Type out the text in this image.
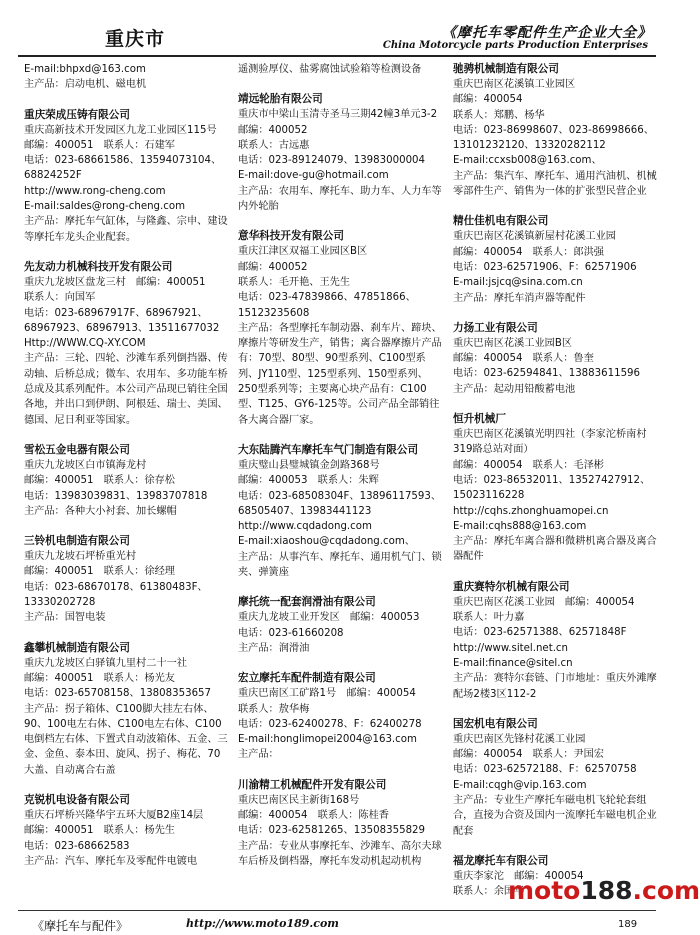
重庆市	《摩托车零配件生产企业大全》
China Motorcycle parts Production Enterprises
E-mail:bhpxd@163.com
主产品：启动电机、磁电机
重庆荣成压铸有限公司
重庆高新技术开发园区九龙工业园区115号
邮编：400051　联系人：石建军
电话：023-68661586、13594073104、68824252F
http://www.rong-cheng.com
E-mail:saldes@rong-cheng.com
主产品：摩托车气缸体，与隆鑫、宗申、建设等摩托车龙头企业配套。
先友动力机械科技开发有限公司
重庆九龙坡区盘龙三村　邮编：400051
联系人：向国军
电话：023-68967917F、68967921、68967923、68967913、13511677032
Http://WWW.CQ-XY.COM
主产品：三轮、四轮、沙滩车系列倒挡器、传动轴、后桥总成；微车、农用车、多功能车桥总成及其系列配件。本公司产品现已销往全国各地，并出口到伊朗、阿根廷、瑞士、美国、德国、尼日利亚等国家。
雪松五金电器有限公司
重庆九龙坡区白市镇海龙村
邮编：400051　联系人：徐存松
电话：13983039831、13983707818
主产品：各种大小衬套、加长螺帽
三铃机电制造有限公司
重庆九龙坡石坪桥重光村
邮编：400051　联系人：徐经理
电话：023-68670178、61380483F、13330202728
主产品：国智电装
鑫攀机械制造有限公司
重庆九龙坡区白驿镇九里村二十一社
邮编：400051　联系人：杨光友
电话：023-65708158、13808353657
主产品：拐子箱体、C100脚大挂左右体、90、100电左右体、C100电左右体、C100电倒档左右体、下置式自动波箱体、五金、三金、金鱼、泰本田、旋风、拐子、梅花、70大盖、自动离合右盖
克锐机电设备有限公司
重庆石坪桥兴隆华宇五环大厦B2座14层
邮编：400051　联系人：杨先生
电话：023-68662583
主产品：汽车、摩托车及零配件电镀电
遥测验厚仪、盐雾腐蚀试验箱等检测设备
靖远轮胎有限公司
重庆市中梁山玉清寺圣马三期42幢3单元3-2　邮编：400052
联系人：古远惠
电话：023-89124079、13983000004
E-mail:dove-gu@hotmail.com
主产品：农用车、摩托车、助力车、人力车等内外轮胎
意华科技开发有限公司
重庆江津区双福工业园区B区
邮编：400052
联系人：毛开艳、王先生
电话：023-47839866、47851866、15123235608
主产品：各型摩托车制动器、刹车片、蹄块、摩擦片等研发生产，销售；离合器摩擦片产品有：70型、80型、90型系列、C100型系列、JY110型、125型系列、150型系列、250型系列等；主要离心块产品有：C100型、T125、GY6-125等。公司产品全部销往各大离合器厂家。
大东陆腾汽车摩托车气门制造有限公司
重庆璧山县璧城镇金剑路368号
邮编：400053　联系人：朱辉
电话：023-68508304F、13896117593、68505407、13983441123
http://www.cqdadong.com
E-mail:xiaoshou@cqdadong.com、
主产品：从事汽车、摩托车、通用机气门、锁夹、弹簧座
摩托统一配套润滑油有限公司
重庆九龙坡工业开发区　邮编：400053
电话：023-61660208
主产品：润滑油
宏立摩托车配件制造有限公司
重庆巴南区工矿路1号　邮编：400054
联系人：敖华梅
电话：023-62400278、F：62400278
E-mail:honglimopei2004@163.com
主产品：
川渝精工机械配件开发有限公司
重庆巴南区民主新街168号
邮编：400054　联系人：陈桂香
电话：023-62581265、13508355829
主产品：专业从事摩托车、沙滩车、高尔夫球车后桥及倒档器，摩托车发动机起动机构
驰骋机械制造有限公司
重庆巴南区花溪镇工业园区
邮编：400054
联系人：郑鹏、杨华
电话：023-86998607、023-86998666、13101232120、13320282112
E-mail:ccxsb008@163.com、
主产品：集汽车、摩托车、通用汽油机、机械零部件生产、销售为一体的扩张型民营企业
精仕佳机电有限公司
重庆巴南区花溪镇新屋村花溪工业园
邮编：400054　联系人：郎洪强
电话：023-62571906、F：62571906
E-mail:jsjcq@sina.com.cn
主产品：摩托车消声器等配件
力扬工业有限公司
重庆巴南区花溪工业园B区
邮编：400054　联系人：鲁奎
电话：023-62594841、13883611596
主产品：起动用铅酸蓄电池
恒升机械厂
重庆巴南区花溪镇光明四社（李家沱桥南村319路总站对面）
邮编：400054　联系人：毛泽彬
电话：023-86532011、13527427912、15023116228
http://cqhs.zhonghuamopei.cn
E-mail:cqhs888@163.com
主产品：摩托车离合器和微耕机离合器及离合器配件
重庆赛特尔机械有限公司
重庆巴南区花溪工业园　邮编：400054
联系人：叶力嘉
电话：023-62571388、62571848F
http://www.sitel.net.cn
E-mail:finance@sitel.cn
主产品：赛特尔套链、门市地址：重庆外滩摩配场2楼3区112-2
国宏机电有限公司
重庆巴南区先锋村花溪工业园
邮编：400054　联系人：尹国宏
电话：023-62572188、F：62570758
E-mail:cqgh@vip.163.com
主产品：专业生产摩托车磁电机飞轮轮套组合，直接为合资及国内一流摩托车磁电机企业配套
福龙摩托车有限公司
重庆李家沱　邮编：400054
联系人：余国华
《摩托车与配件》	http://www.moto189.com	189
moto188.com
